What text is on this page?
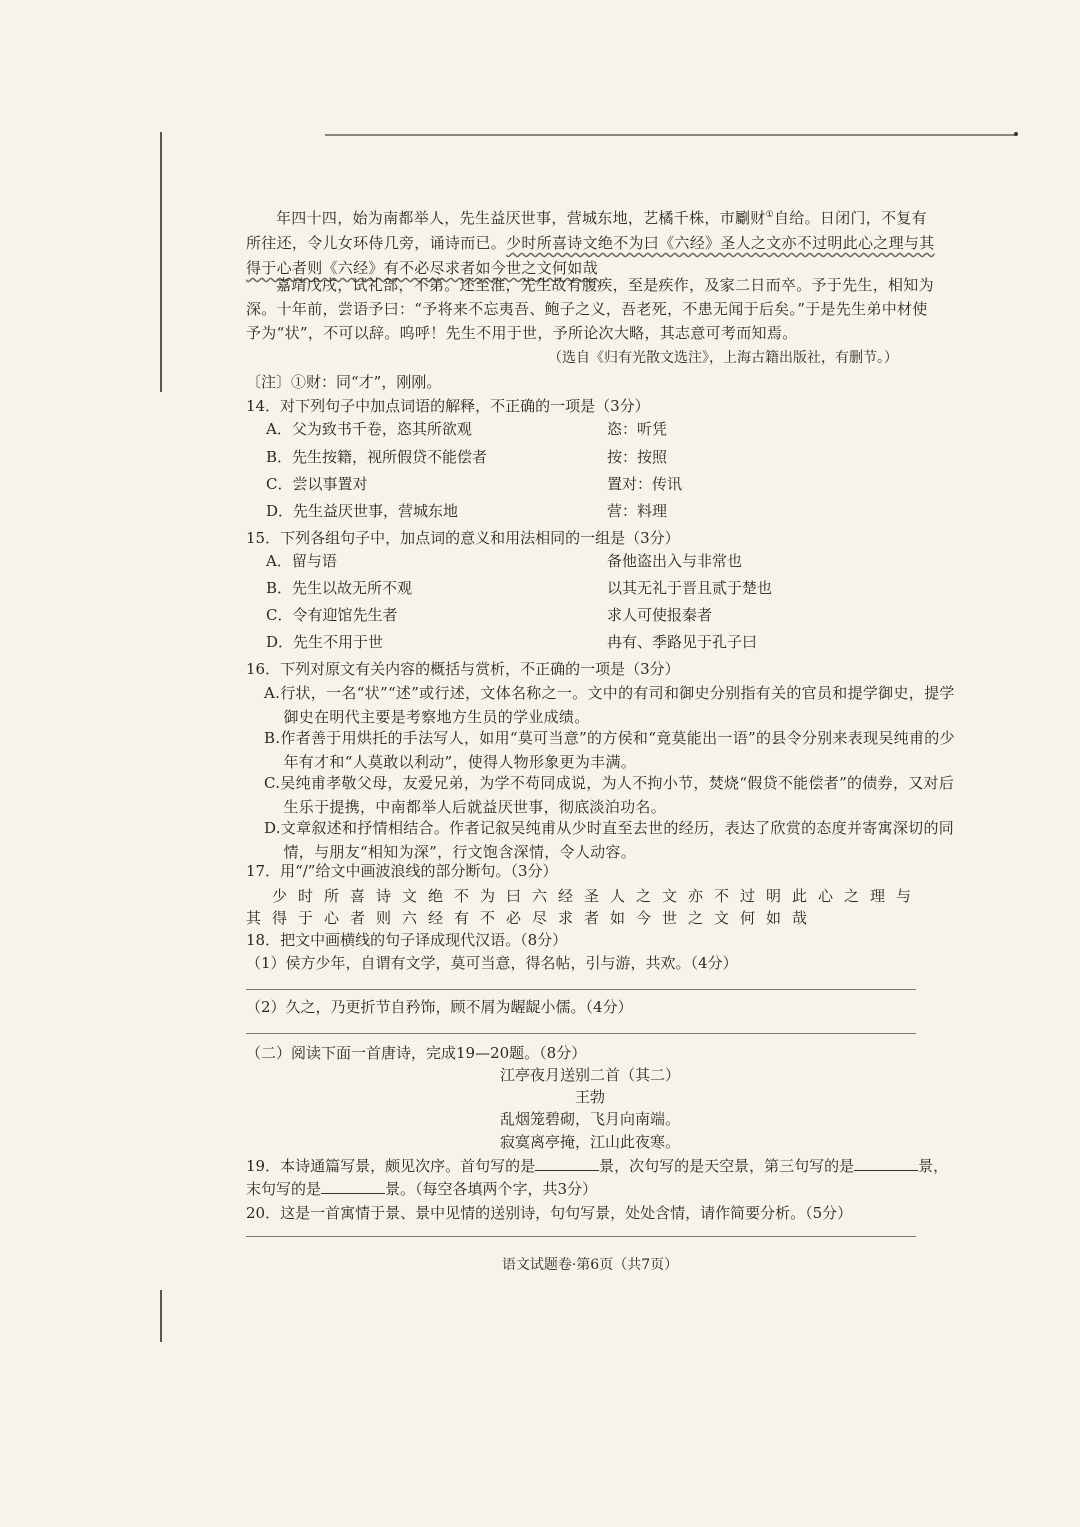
年四十四，始为南都举人，先生益厌世事，营城东地，艺橘千株，市劚财①自给。日闭门，不复有所往还，令儿女环侍几旁，诵诗而已。少时所喜诗文绝不为曰《六经》圣人之文亦不过明此心之理与其得于心者则《六经》有不必尽求者如今世之文何如哉
嘉靖戊戌，试礼部，不第。还至淮，先生故有腹疾，至是疾作，及家二日而卒。予于先生，相知为深。十年前，尝语予曰：“予将来不忘夷吾、鲍子之义，吾老死，不患无闻于后矣。”于是先生弟中材使予为“状”，不可以辞。呜呼！先生不用于世，予所论次大略，其志意可考而知焉。
（选自《归有光散文选注》，上海古籍出版社，有删节。）
〔注〕①财：同“才”，刚刚。
14．对下列句子中加点词语的解释，不正确的一项是（3分）
A．父为致书千卷，恣其所欲观	恣：听凭
B．先生按籍，视所假贷不能偿者	按：按照
C．尝以事置对	置对：传讯
D．先生益厌世事，营城东地	营：料理
15．下列各组句子中，加点词的意义和用法相同的一组是（3分）
A．留与语	备他盗出入与非常也
B．先生以故无所不观	以其无礼于晋且贰于楚也
C．令有迎馆先生者	求人可使报秦者
D．先生不用于世	冉有、季路见于孔子曰
16．下列对原文有关内容的概括与赏析，不正确的一项是（3分）
A.行状，一名“状”“述”或行述，文体名称之一。文中的有司和御史分别指有关的官员和提学御史，提学御史在明代主要是考察地方生员的学业成绩。
B.作者善于用烘托的手法写人，如用“莫可当意”的方侯和“竟莫能出一语”的县令分别来表现吴纯甫的少年有才和“人莫敢以利动”，使得人物形象更为丰满。
C.吴纯甫孝敬父母，友爱兄弟，为学不苟同成说，为人不拘小节，焚烧“假贷不能偿者”的债券，又对后生乐于提携，中南都举人后就益厌世事，彻底淡泊功名。
D.文章叙述和抒情相结合。作者记叙吴纯甫从少时直至去世的经历，表达了欣赏的态度并寄寓深切的同情，与朋友“相知为深”，行文饱含深情，令人动容。
17．用“/”给文中画波浪线的部分断句。（3分）
少时所喜诗文绝不为曰六经圣人之文亦不过明此心之理与
其得于心者则六经有不必尽求者如今世之文何如哉
18．把文中画横线的句子译成现代汉语。（8分）
（1）侯方少年，自谓有文学，莫可当意，得名帖，引与游，共欢。（4分）
（2）久之，乃更折节自矜饰，顾不屑为龌龊小儒。（4分）
（二）阅读下面一首唐诗，完成19—20题。（8分）
江亭夜月送别二首（其二）
王勃
乱烟笼碧砌，飞月向南端。
寂寞离亭掩，江山此夜寒。
19．本诗通篇写景，颇见次序。首句写的是	景，次句写的是天空景，第三句写的是	景，
末句写的是	景。（每空各填两个字，共3分）
20．这是一首寓情于景、景中见情的送别诗，句句写景，处处含情，请作简要分析。（5分）
语文试题卷·第6页（共7页）
